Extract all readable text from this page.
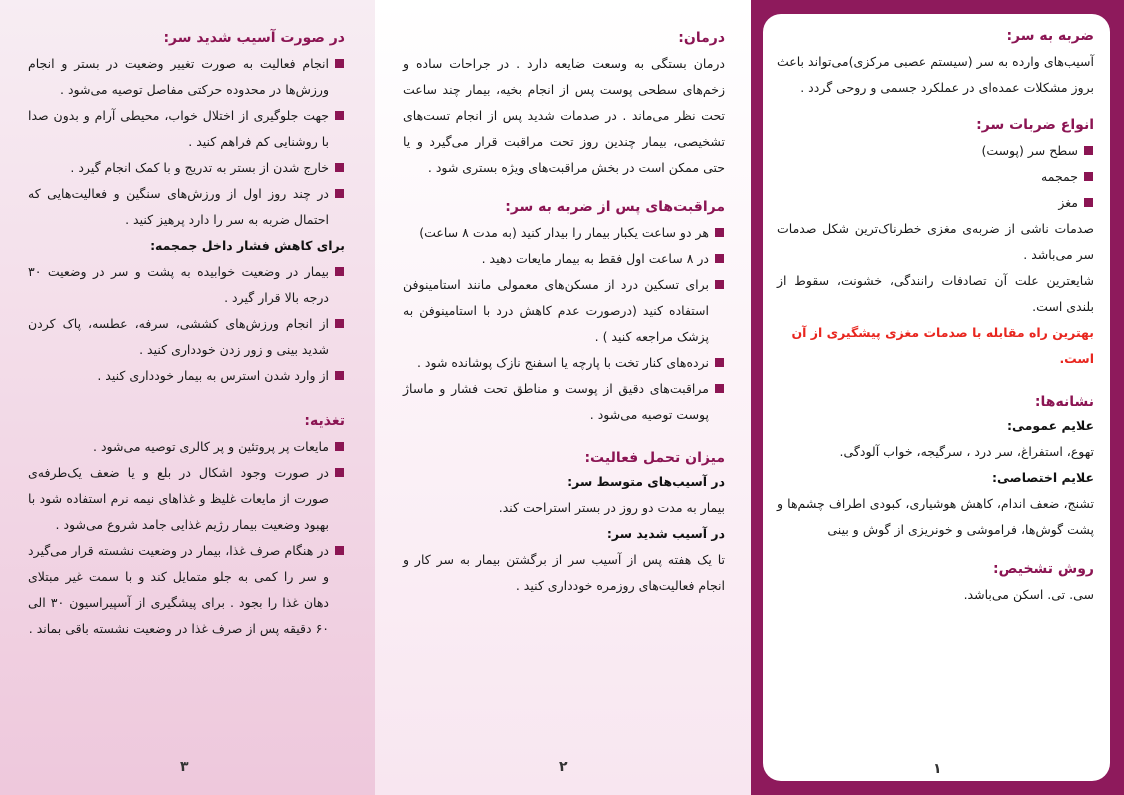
در صورت آسیب شدید سر:
انجام فعالیت به صورت تغییر وضعیت در بستر و انجام ورزش‌ها در محدوده حرکتی مفاصل توصیه می‌شود .
جهت جلوگیری از اختلال خواب، محیطی آرام و بدون صدا با روشنایی کم فراهم کنید .
خارج شدن از بستر به تدریج و با کمک انجام گیرد .
در چند روز اول از ورزش‌های سنگین و فعالیت‌هایی که احتمال ضربه به سر را دارد پرهیز کنید .
برای کاهش فشار داخل جمجمه:
بیمار در وضعیت خوابیده به پشت و سر در وضعیت ۳۰ درجه بالا قرار گیرد .
از انجام ورزش‌های کششی، سرفه، عطسه، پاک کردن شدید بینی و زور زدن خودداری کنید .
از وارد شدن استرس به بیمار خودداری کنید .
تغذیه:
مایعات پر پروتئین و پر کالری توصیه می‌شود .
در صورت وجود اشکال در بلع و یا ضعف یک‌طرفه‌ی صورت از مایعات غلیظ و غذاهای نیمه نرم استفاده شود با بهبود وضعیت بیمار رژیم غذایی جامد شروع می‌شود .
در هنگام صرف غذا، بیمار در وضعیت نشسته قرار می‌گیرد و سر را کمی به جلو متمایل کند و با سمت غیر مبتلای دهان غذا را بجود . برای پیشگیری از آسپیراسیون ۳۰ الی ۶۰ دقیقه پس از صرف غذا در وضعیت نشسته باقی بماند .
۳
درمان:

درمان بستگی به وسعت ضایعه دارد . در جراحات ساده و زخم‌های سطحی پوست پس از انجام بخیه، بیمار چند ساعت تحت نظر می‌ماند . در صدمات شدید پس از انجام تست‌های تشخیصی، بیمار چندین روز تحت مراقبت قرار می‌گیرد و یا حتی ممکن است در بخش مراقبت‌های ویژه بستری شود .

مراقبت‌های پس از ضربه به سر:
هر دو ساعت یکبار بیمار را بیدار کنید (به مدت ۸ ساعت)
در ۸ ساعت اول فقط به بیمار مایعات دهید .
برای تسکین درد از مسکن‌های معمولی مانند استامینوفن استفاده کنید (درصورت عدم کاهش درد با استامینوفن به پزشک مراجعه کنید ) .
نرده‌های کنار تخت با پارچه یا اسفنج نازک پوشانده شود .
مراقبت‌های دقیق از پوست و مناطق تحت فشار و ماساژ پوست توصیه می‌شود .
میزان تحمل فعالیت:
در آسیب‌های متوسط سر:

بیمار به مدت دو روز در بستر استراحت کند.

در آسیب شدید سر:

تا یک هفته پس از آسیب سر از برگشتن بیمار به سر کار و انجام فعالیت‌های روزمره خودداری کنید .

۲
ضربه به سر:

آسیب‌های وارده به سر (سیستم عصبی مرکزی)می‌تواند باعث بروز مشکلات عمده‌ای در عملکرد جسمی و روحی گردد .

انواع ضربات سر:
سطح سر (پوست)
جمجمه
مغز

صدمات ناشی از ضربه‌ی مغزی خطرناک‌ترین شکل صدمات سر می‌باشد .

شایعترین علت آن تصادفات رانندگی، خشونت، سقوط از بلندی است.

بهترین راه مقابله با صدمات مغزی پیشگیری از آن است.
نشانه‌ها:
علایم عمومی:

تهوع، استفراغ، سر درد ، سرگیجه، خواب آلودگی.

علایم اختصاصی:

تشنج، ضعف اندام، کاهش هوشیاری، کبودی اطراف چشم‌ها و پشت گوش‌ها، فراموشی و خونریزی از گوش و بینی

روش تشخیص:

سی. تی. اسکن می‌باشد.

۱
